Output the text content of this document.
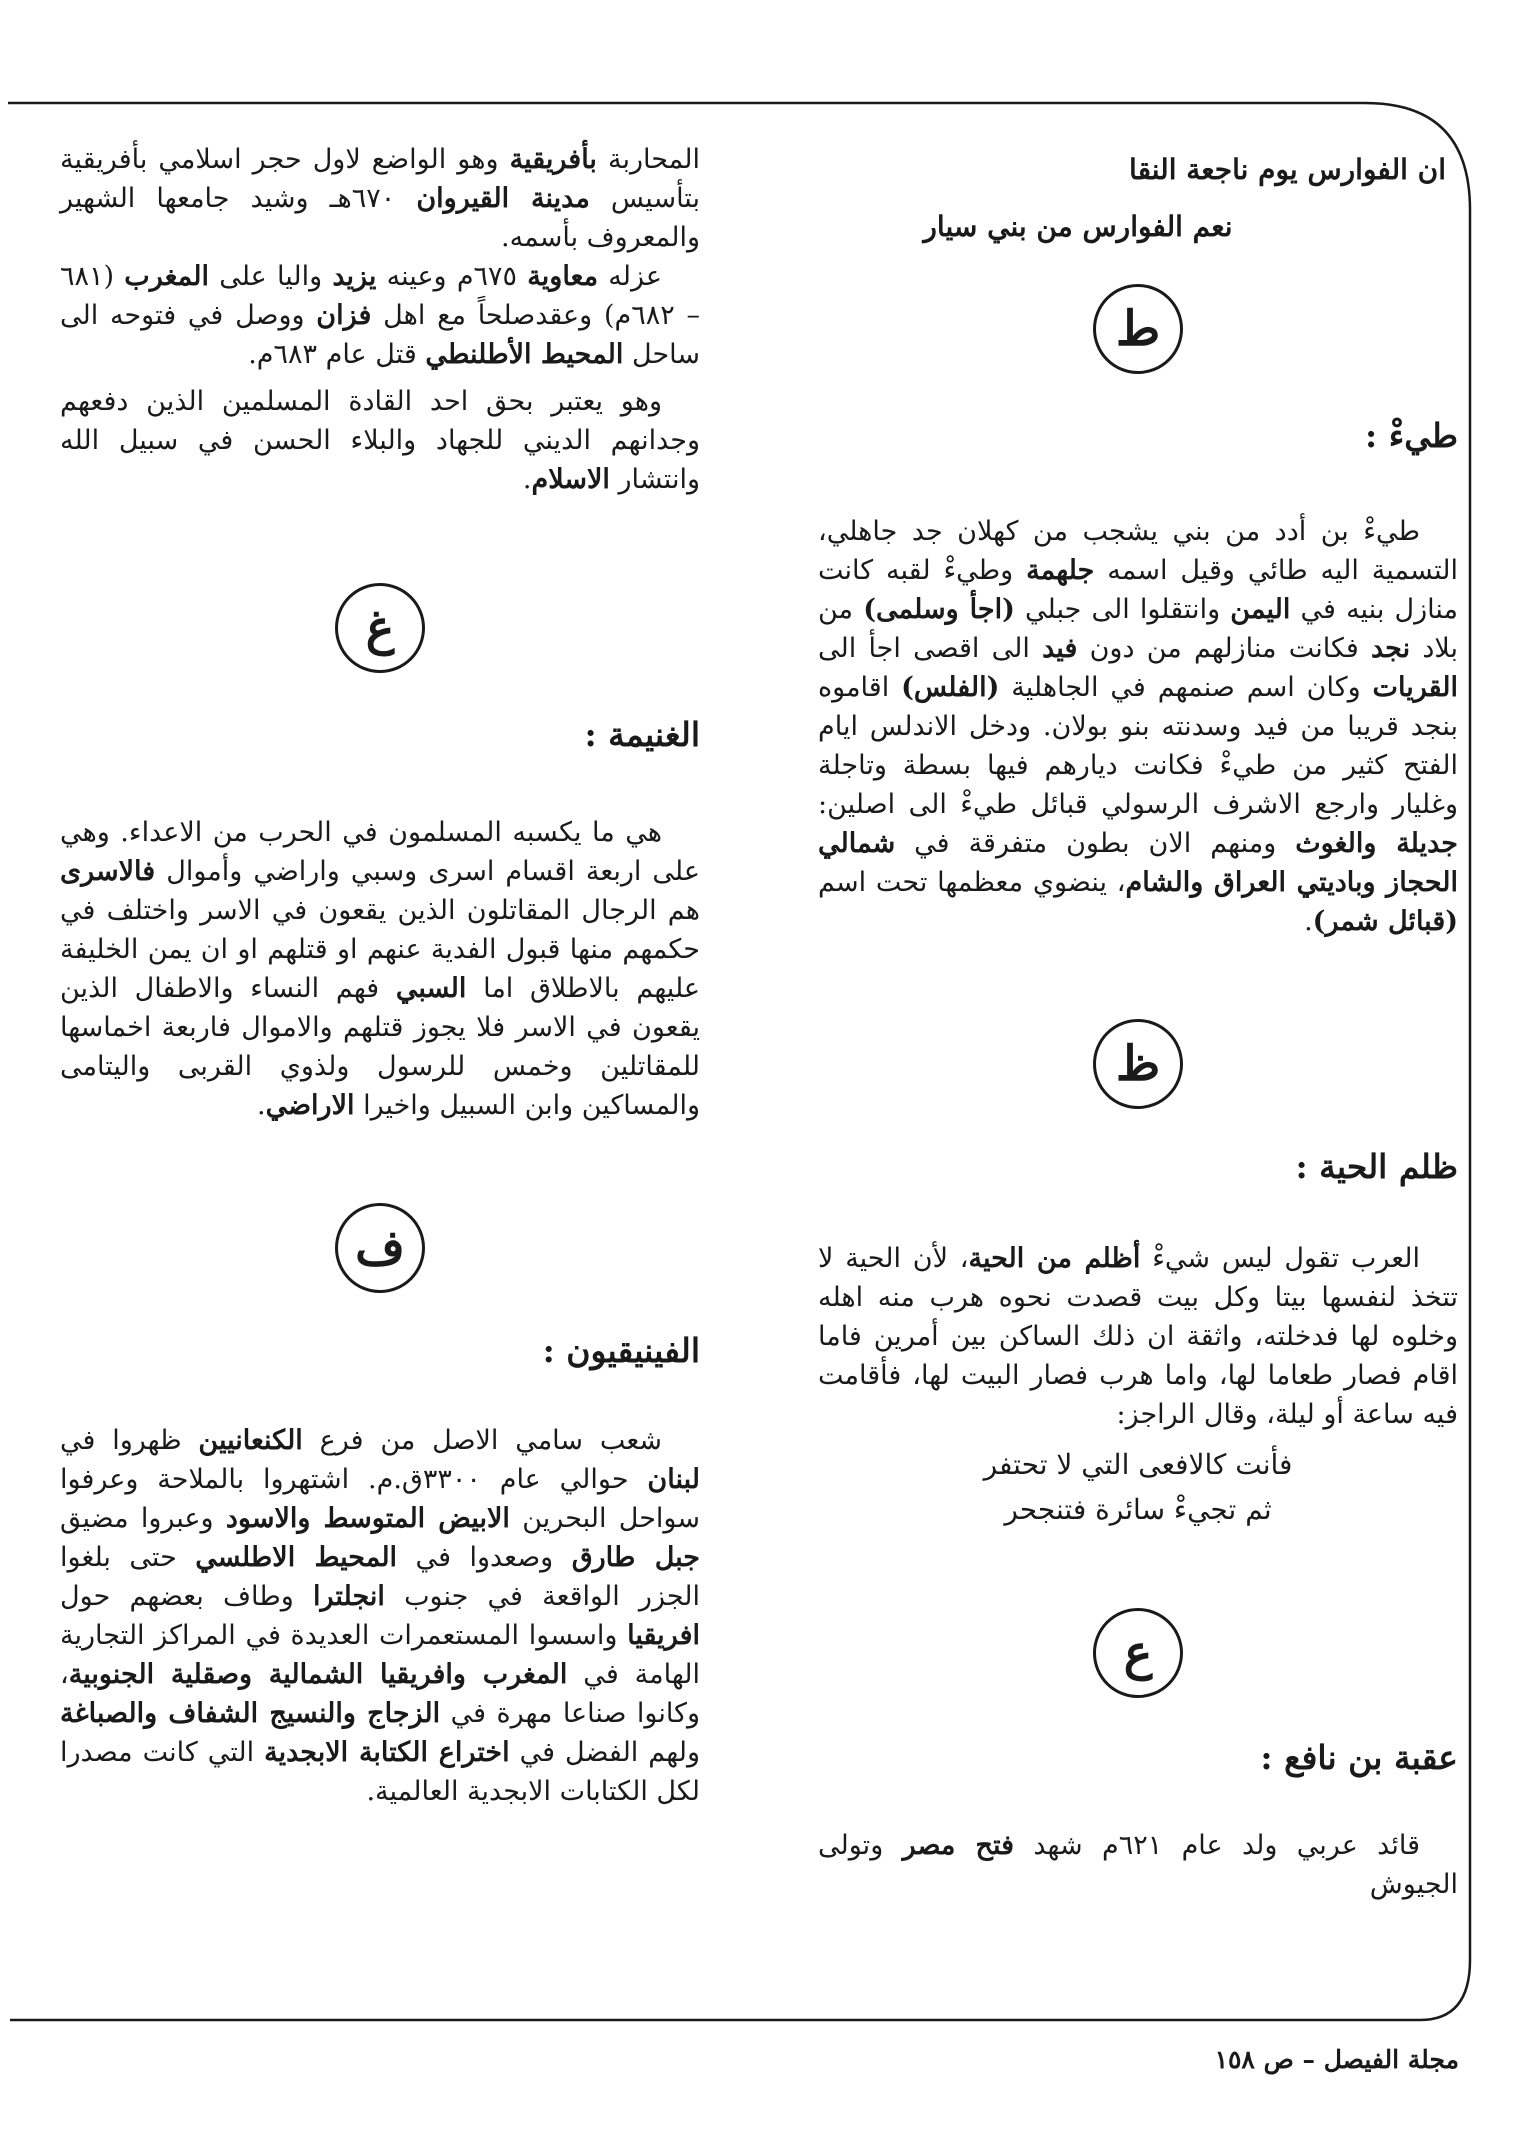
ان الفوارس يوم ناجعة النقا

نعم الفوارس من بني سيار

ط

طيءْ :

طيءْ بن أدد من بني يشجب من كهلان جد جاهلي، التسمية اليه طائي وقيل اسمه جلهمة وطيءْ لقبه كانت منازل بنيه في اليمن وانتقلوا الى جبلي (اجأ وسلمى) من بلاد نجد فكانت منازلهم من دون فيد الى اقصى اجأ الى القريات وكان اسم صنمهم في الجاهلية (الفلس) اقاموه بنجد قريبا من فيد وسدنته بنو بولان. ودخل الاندلس ايام الفتح كثير من طيءْ فكانت ديارهم فيها بسطة وتاجلة وغليار وارجع الاشرف الرسولي قبائل طيءْ الى اصلين: جديلة والغوث ومنهم الان بطون متفرقة في شمالي الحجاز وباديتي العراق والشام، ينضوي معظمها تحت اسم (قبائل شمر).

ظ

ظلم الحية :

العرب تقول ليس شيءْ أظلم من الحية، لأن الحية لا تتخذ لنفسها بيتا وكل بيت قصدت نحوه هرب منه اهله وخلوه لها فدخلته، واثقة ان ذلك الساكن بين أمرين فاما اقام فصار طعاما لها، واما هرب فصار البيت لها، فأقامت فيه ساعة أو ليلة، وقال الراجز:

فأنت كالافعى التي لا تحتفر

ثم تجيءْ سائرة فتنجحر

ع

عقبة بن نافع :

قائد عربي ولد عام ٦٢١م شهد فتح مصر وتولى الجيوش

المحاربة بأفريقية وهو الواضع لاول حجر اسلامي بأفريقية بتأسيس مدينة القيروان ٦٧٠هـ وشيد جامعها الشهير والمعروف بأسمه.

عزله معاوية ٦٧٥م وعينه يزيد واليا على المغرب (٦٨١ – ٦٨٢م) وعقدصلحاً مع اهل فزان ووصل في فتوحه الى ساحل المحيط الأطلنطي قتل عام ٦٨٣م.

وهو يعتبر بحق احد القادة المسلمين الذين دفعهم وجدانهم الديني للجهاد والبلاء الحسن في سبيل الله وانتشار الاسلام.

غ

الغنيمة :

هي ما يكسبه المسلمون في الحرب من الاعداء. وهي على اربعة اقسام اسرى وسبي واراضي وأموال فالاسرى هم الرجال المقاتلون الذين يقعون في الاسر واختلف في حكمهم منها قبول الفدية عنهم او قتلهم او ان يمن الخليفة عليهم بالاطلاق اما السبي فهم النساء والاطفال الذين يقعون في الاسر فلا يجوز قتلهم والاموال فاربعة اخماسها للمقاتلين وخمس للرسول ولذوي القربى واليتامى والمساكين وابن السبيل واخيرا الاراضي.

ف

الفينيقيون :

شعب سامي الاصل من فرع الكنعانيين ظهروا في لبنان حوالي عام ٣٣٠٠ق.م. اشتهروا بالملاحة وعرفوا سواحل البحرين الابيض المتوسط والاسود وعبروا مضيق جبل طارق وصعدوا في المحيط الاطلسي حتى بلغوا الجزر الواقعة في جنوب انجلترا وطاف بعضهم حول افريقيا واسسوا المستعمرات العديدة في المراكز التجارية الهامة في المغرب وافريقيا الشمالية وصقلية الجنوبية، وكانوا صناعا مهرة في الزجاج والنسيج الشفاف والصباغة ولهم الفضل في اختراع الكتابة الابجدية التي كانت مصدرا لكل الكتابات الابجدية العالمية.

مجلة الفيصل – ص ١٥٨
